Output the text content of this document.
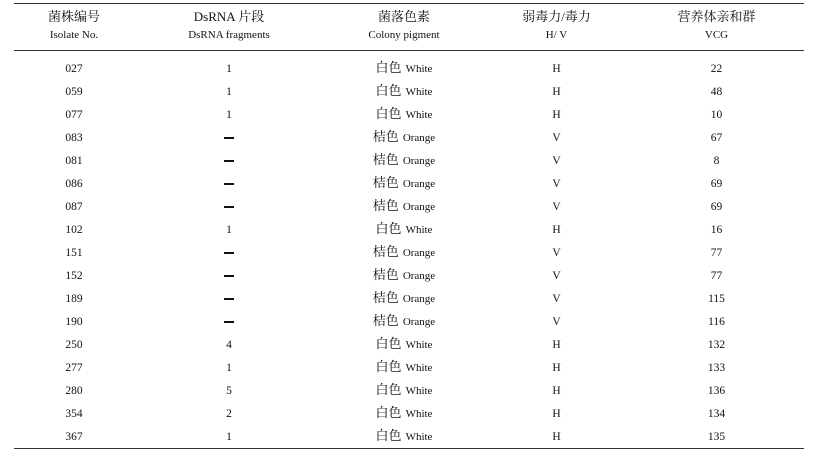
菌株编号	DsRNA 片段	菌落色素	弱毒力/毒力	营养体亲和群
Isolate No.	DsRNA fragments	Colony pigment	H/ V	VCG
027	1	白色 White	H	22
059	1	白色 White	H	48
077	1	白色 White	H	10
083		桔色 Orange	V	67
081		桔色 Orange	V	8
086		桔色 Orange	V	69
087		桔色 Orange	V	69
102	1	白色 White	H	16
151		桔色 Orange	V	77
152		桔色 Orange	V	77
189		桔色 Orange	V	115
190		桔色 Orange	V	116
250	4	白色 White	H	132
277	1	白色 White	H	133
280	5	白色 White	H	136
354	2	白色 White	H	134
367	1	白色 White	H	135
